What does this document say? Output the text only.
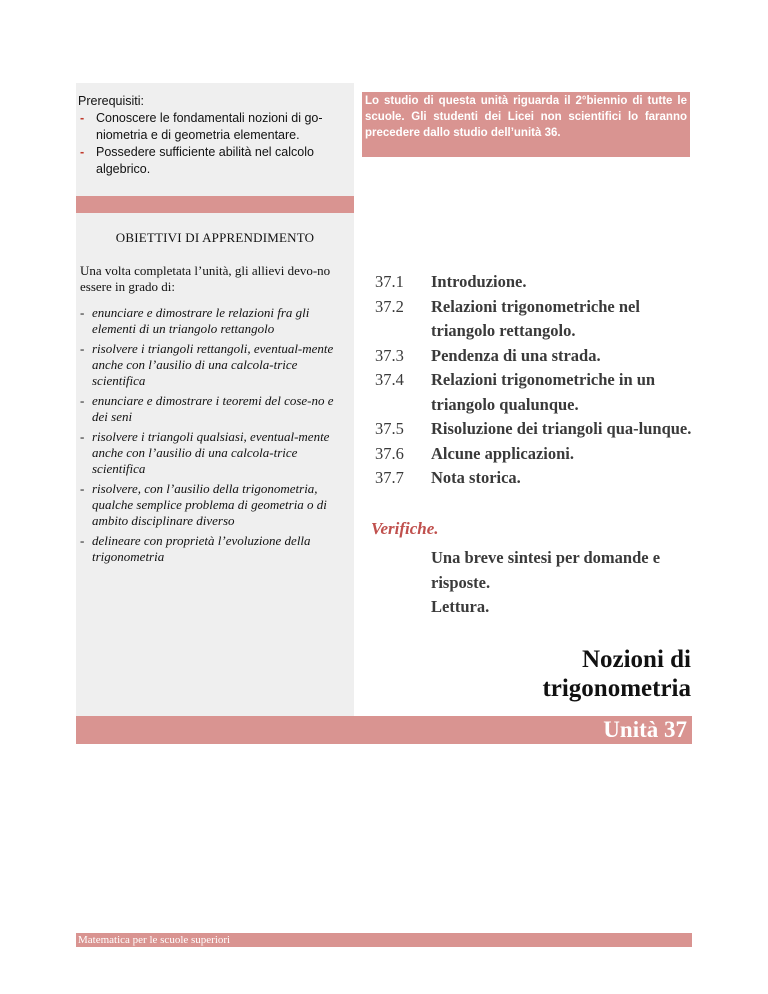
Prerequisiti:
- Conoscere le fondamentali nozioni di go-niometria e di geometria elementare.
- Possedere sufficiente abilità nel calcolo algebrico.
OBIETTIVI DI APPRENDIMENTO
Una volta completata l’unità, gli allievi devo-no essere in grado di:
- enunciare e dimostrare le relazioni fra gli elementi di un triangolo rettangolo
- risolvere i triangoli rettangoli, eventual-mente anche con l’ausilio di una calcola-trice scientifica
- enunciare e dimostrare i teoremi del cose-no e dei seni
- risolvere i triangoli qualsiasi, eventual-mente anche con l’ausilio di una calcola-trice scientifica
- risolvere, con l’ausilio della trigonometria, qualche semplice problema di geometria o di ambito disciplinare diverso
- delineare con proprietà l’evoluzione della trigonometria
Lo studio di questa unità riguarda il 2°biennio di tutte le scuole. Gli studenti dei Licei non scientifici lo faranno precedere dallo studio dell’unità 36.
37.1 Introduzione.
37.2 Relazioni trigonometriche nel triangolo rettangolo.
37.3 Pendenza di una strada.
37.4 Relazioni trigonometriche in un triangolo qualunque.
37.5 Risoluzione dei triangoli qua-lunque.
37.6 Alcune applicazioni.
37.7 Nota storica.
Verifiche.
Una breve sintesi per domande e risposte.
Lettura.
Nozioni di
trigonometria
Unità 37
Matematica per le scuole superiori
